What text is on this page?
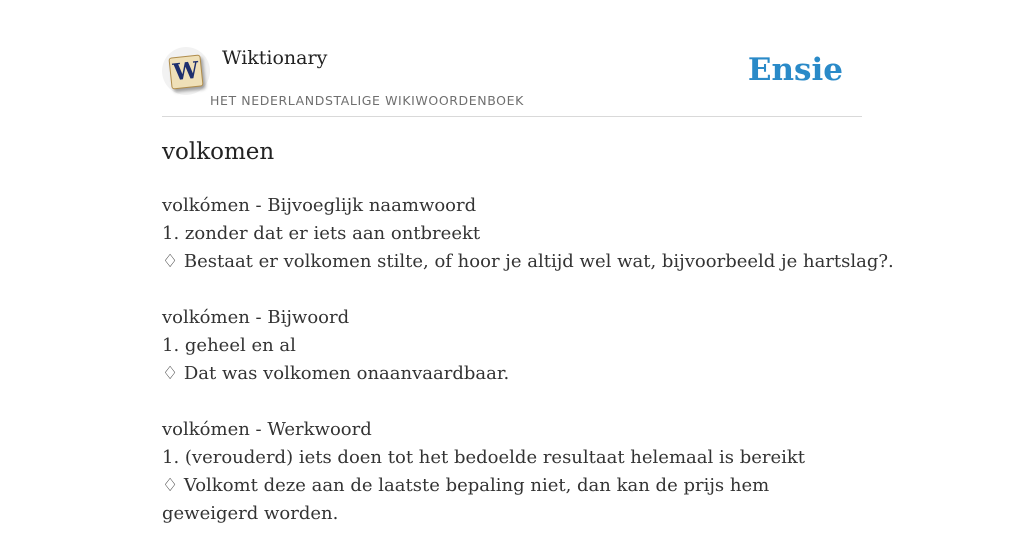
W Wiktionary
HET NEDERLANDSTALIGE WIKIWOORDENBOEK
Ensie
volkomen
volkómen - Bijvoeglijk naamwoord
1. zonder dat er iets aan ontbreekt
♢ Bestaat er volkomen stilte, of hoor je altijd wel wat, bijvoorbeeld je hartslag?.
volkómen - Bijwoord
1. geheel en al
♢ Dat was volkomen onaanvaardbaar.
volkómen - Werkwoord
1. (verouderd) iets doen tot het bedoelde resultaat helemaal is bereikt
♢ Volkomt deze aan de laatste bepaling niet, dan kan de prijs hem geweigerd worden.
